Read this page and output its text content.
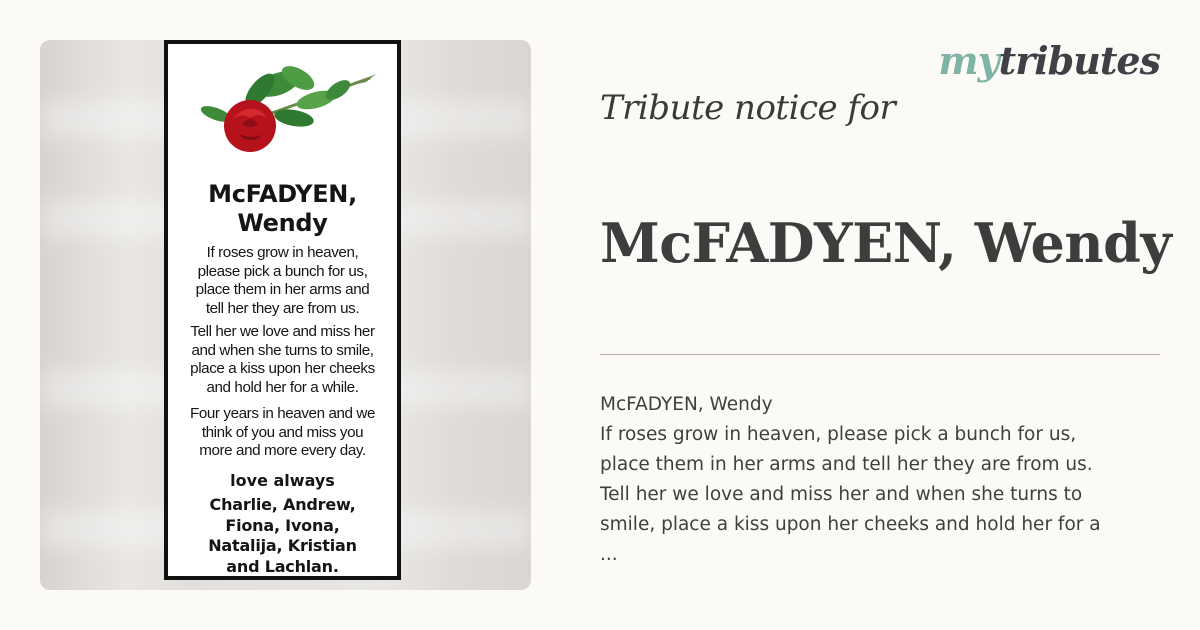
McFADYEN,
Wendy
If roses grow in heaven,
please pick a bunch for us,
place them in her arms and
tell her they are from us.
Tell her we love and miss her
and when she turns to smile,
place a kiss upon her cheeks
and hold her for a while.
Four years in heaven and we
think of you and miss you
more and more every day.
love always
Charlie, Andrew,
Fiona, Ivona,
Natalija, Kristian
and Lachlan.
mytributes
Tribute notice for
McFADYEN, Wendy
McFADYEN, Wendy
If roses grow in heaven, please pick a bunch for us,
place them in her arms and tell her they are from us.
Tell her we love and miss her and when she turns to
smile, place a kiss upon her cheeks and hold her for a
...
